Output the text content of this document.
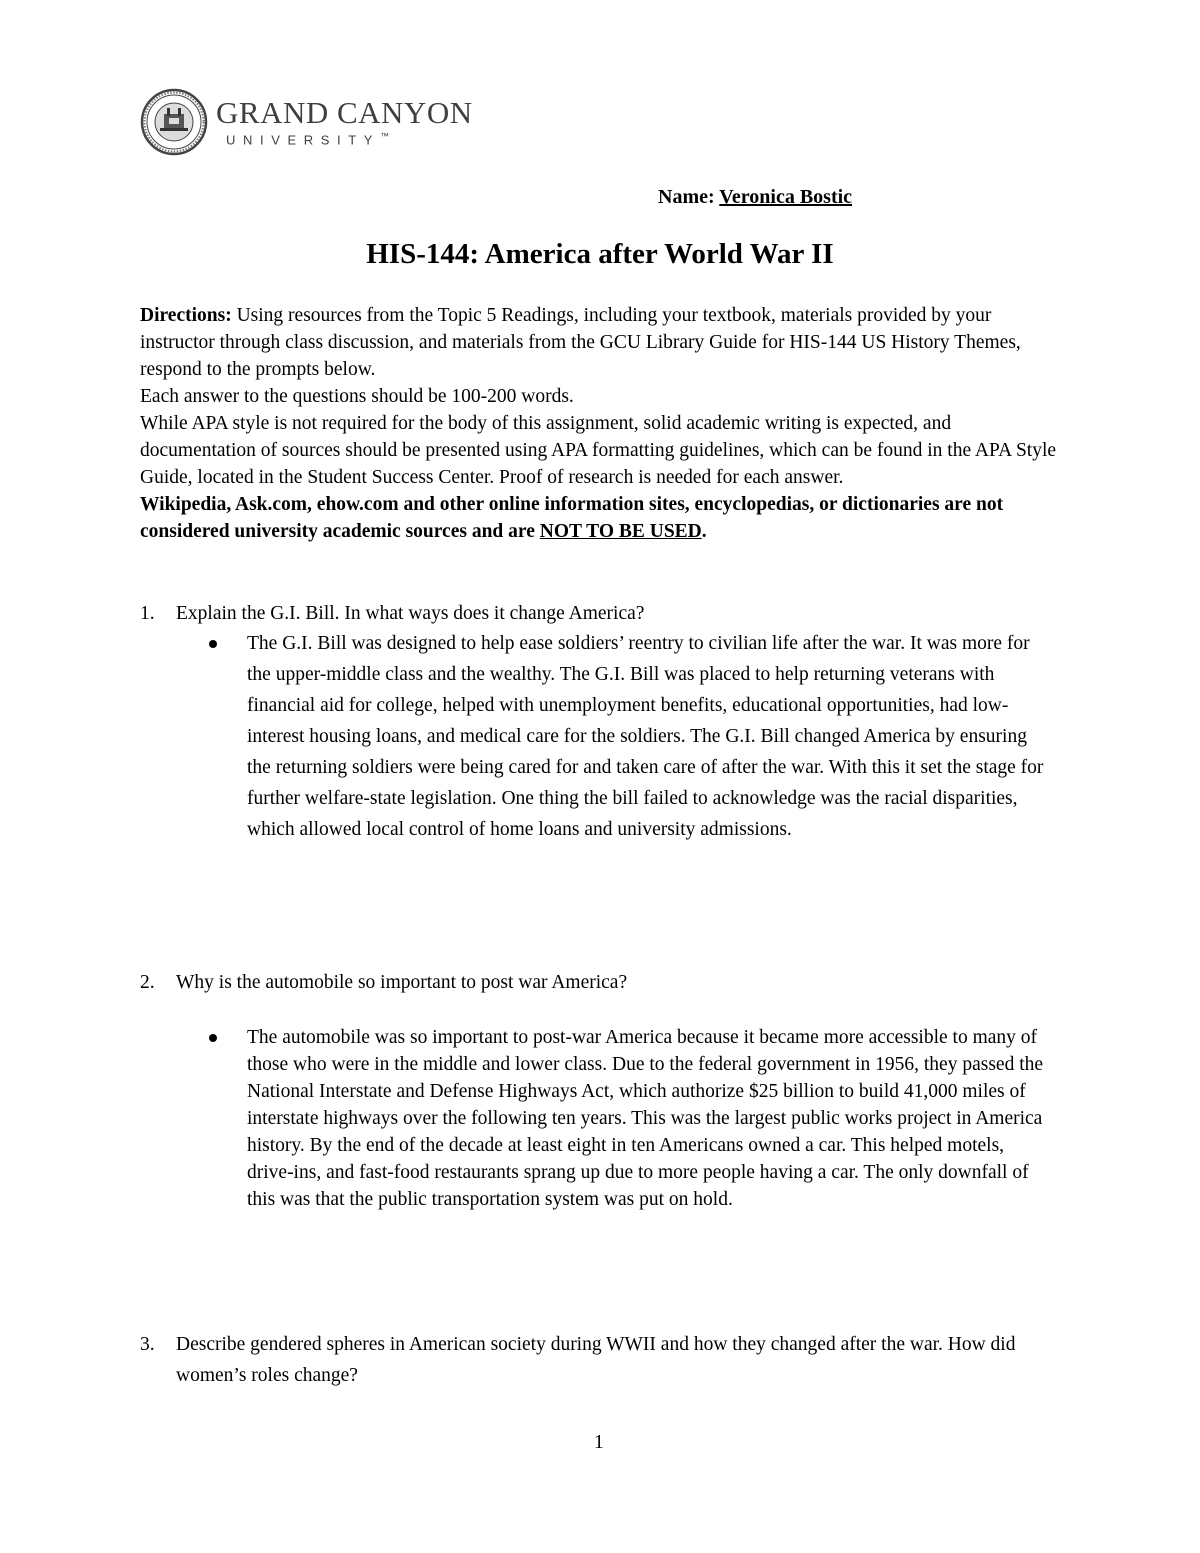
GRAND CANYON
UNIVERSITY™
Name: Veronica Bostic
HIS-144: America after World War II

Directions: Using resources from the Topic 5 Readings, including your textbook, materials provided by your instructor through class discussion, and materials from the GCU Library Guide for HIS-144 US History Themes, respond to the prompts below.

Each answer to the questions should be 100-200 words.

While APA style is not required for the body of this assignment, solid academic writing is expected, and documentation of sources should be presented using APA formatting guidelines, which can be found in the APA Style Guide, located in the Student Success Center. Proof of research is needed for each answer.

Wikipedia, Ask.com, ehow.com and other online information sites, encyclopedias, or dictionaries are not considered university academic sources and are NOT TO BE USED.

1. Explain the G.I. Bill. In what ways does it change America?
The G.I. Bill was designed to help ease soldiers’ reentry to civilian life after the war. It was more for the upper-middle class and the wealthy. The G.I. Bill was placed to help returning veterans with financial aid for college, helped with unemployment benefits, educational opportunities, had low-interest housing loans, and medical care for the soldiers. The G.I. Bill changed America by ensuring the returning soldiers were being cared for and taken care of after the war. With this it set the stage for further welfare-state legislation. One thing the bill failed to acknowledge was the racial disparities, which allowed local control of home loans and university admissions.
2. Why is the automobile so important to post war America?
The automobile was so important to post-war America because it became more accessible to many of those who were in the middle and lower class. Due to the federal government in 1956, they passed the National Interstate and Defense Highways Act, which authorize $25 billion to build 41,000 miles of interstate highways over the following ten years. This was the largest public works project in America history. By the end of the decade at least eight in ten Americans owned a car. This helped motels, drive-ins, and fast-food restaurants sprang up due to more people having a car. The only downfall of this was that the public transportation system was put on hold.
3. Describe gendered spheres in American society during WWII and how they changed after the war. How did women’s roles change?
1
